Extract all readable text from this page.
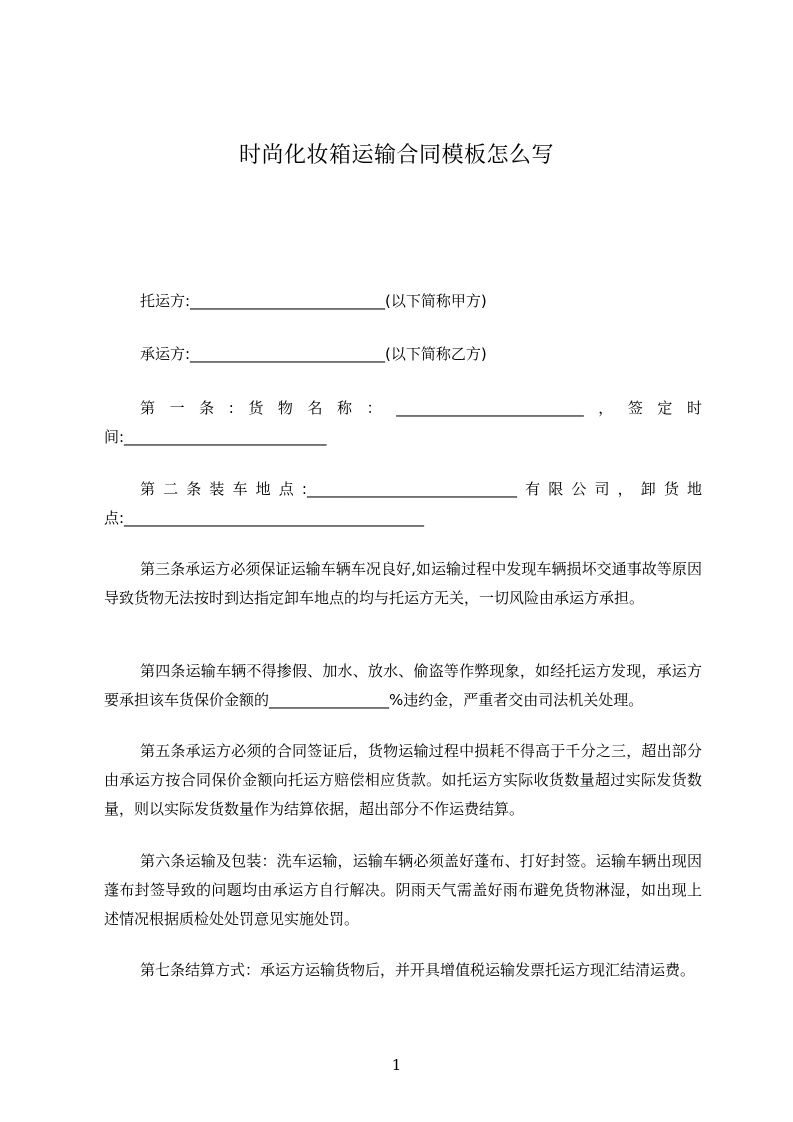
时尚化妆箱运输合同模板怎么写
托运方:__________________________(以下简称甲方)
承运方:__________________________(以下简称乙方)
第一条:货物名称：_________________________，签定时间:___________________________
第二条装车地点:____________________________有限公司，卸货地点:________________________________________
第三条承运方必须保证运输车辆车况良好,如运输过程中发现车辆损坏交通事故等原因导致货物无法按时到达指定卸车地点的均与托运方无关，一切风险由承运方承担。
第四条运输车辆不得掺假、加水、放水、偷盗等作弊现象，如经托运方发现，承运方要承担该车货保价金额的________________%违约金，严重者交由司法机关处理。
第五条承运方必须的合同签证后，货物运输过程中损耗不得高于千分之三，超出部分由承运方按合同保价金额向托运方赔偿相应货款。如托运方实际收货数量超过实际发货数量，则以实际发货数量作为结算依据，超出部分不作运费结算。
第六条运输及包装：洗车运输，运输车辆必须盖好蓬布、打好封签。运输车辆出现因蓬布封签导致的问题均由承运方自行解决。阴雨天气需盖好雨布避免货物淋湿，如出现上述情况根据质检处处罚意见实施处罚。
第七条结算方式：承运方运输货物后，并开具增值税运输发票托运方现汇结清运费。
1
